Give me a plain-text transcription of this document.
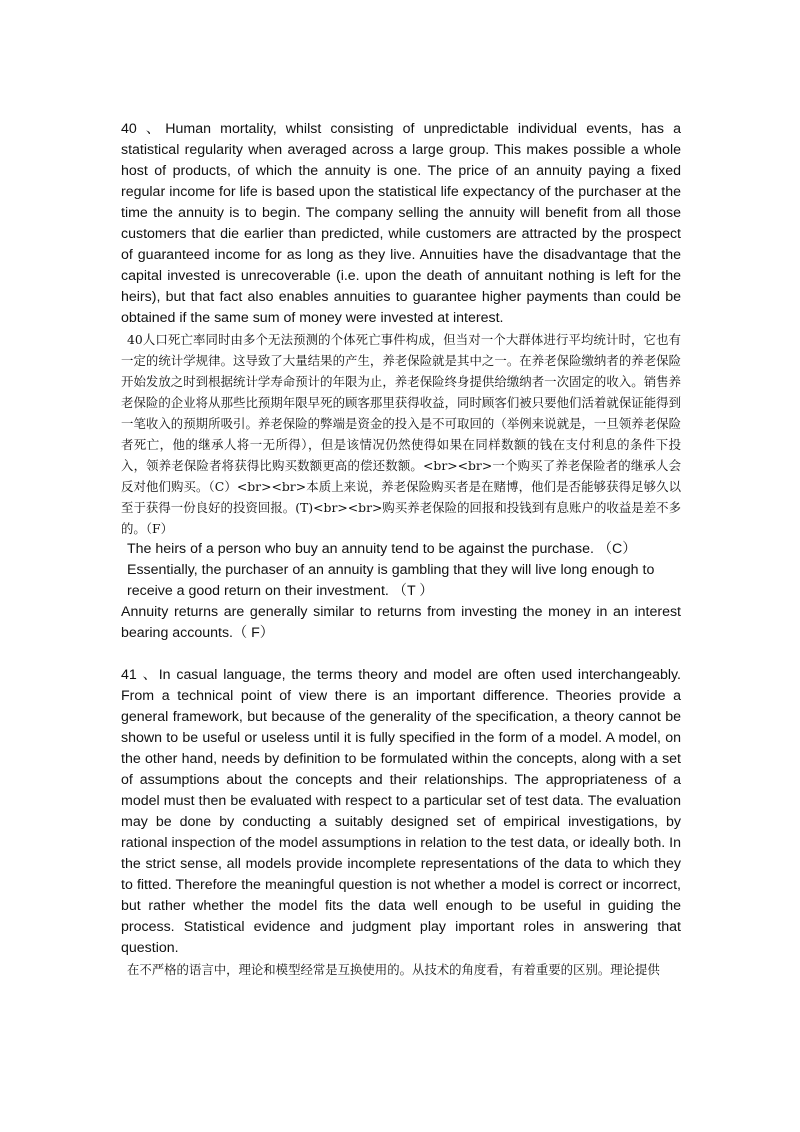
40 、Human mortality, whilst consisting of unpredictable individual events, has a statistical regularity when averaged across a large group. This makes possible a whole host of products, of which the annuity is one. The price of an annuity paying a fixed regular income for life is based upon the statistical life expectancy of the purchaser at the time the annuity is to begin. The company selling the annuity will benefit from all those customers that die earlier than predicted, while customers are attracted by the prospect of guaranteed income for as long as they live. Annuities have the disadvantage that the capital invested is unrecoverable (i.e. upon the death of annuitant nothing is left for the heirs), but that fact also enables annuities to guarantee higher payments than could be obtained if the same sum of money were invested at interest.

40人口死亡率同时由多个无法预测的个体死亡事件构成，但当对一个大群体进行平均统计时，它也有一定的统计学规律。这导致了大量结果的产生，养老保险就是其中之一。在养老保险缴纳者的养老保险开始发放之时到根据统计学寿命预计的年限为止，养老保险终身提供给缴纳者一次固定的收入。销售养老保险的企业将从那些比预期年限早死的顾客那里获得收益，同时顾客们被只要他们活着就保证能得到一笔收入的预期所吸引。养老保险的弊端是资金的投入是不可取回的（举例来说就是，一旦领养老保险者死亡，他的继承人将一无所得），但是该情况仍然使得如果在同样数额的钱在支付利息的条件下投入，领养老保险者将获得比购买数额更高的偿还数额。<br><br>一个购买了养老保险者的继承人会反对他们购买。（C）<br><br>本质上来说，养老保险购买者是在赌博，他们是否能够获得足够久以至于获得一份良好的投资回报。(T)<br><br>购买养老保险的回报和投钱到有息账户的收益是差不多的。（F）

The heirs of a person who buy an annuity tend to be against the purchase. （C）

Essentially, the purchaser of an annuity is gambling that they will live long enough to receive a good return on their investment. （T ）

Annuity returns are generally similar to returns from investing the money in an interest bearing accounts.（ F）

41 、In casual language, the terms theory and model are often used interchangeably. From a technical point of view there is an important difference. Theories provide a general framework, but because of the generality of the specification, a theory cannot be shown to be useful or useless until it is fully specified in the form of a model. A model, on the other hand, needs by definition to be formulated within the concepts, along with a set of assumptions about the concepts and their relationships. The appropriateness of a model must then be evaluated with respect to a particular set of test data. The evaluation may be done by conducting a suitably designed set of empirical investigations, by rational inspection of the model assumptions in relation to the test data, or ideally both. In the strict sense, all models provide incomplete representations of the data to which they to fitted. Therefore the meaningful question is not whether a model is correct or incorrect, but rather whether the model fits the data well enough to be useful in guiding the process. Statistical evidence and judgment play important roles in answering that question.

在不严格的语言中，理论和模型经常是互换使用的。从技术的角度看，有着重要的区别。理论提供
